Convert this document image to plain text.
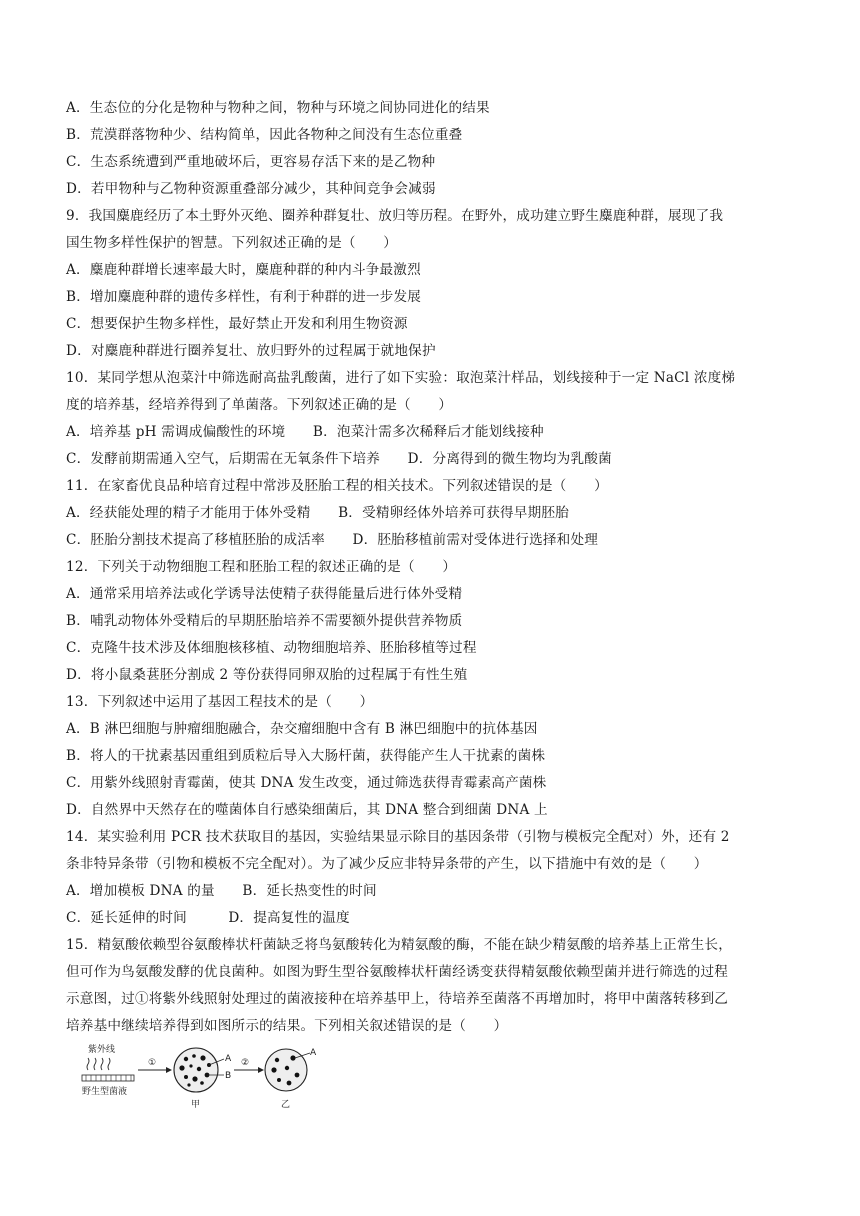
A．生态位的分化是物种与物种之间，物种与环境之间协同进化的结果
B．荒漠群落物种少、结构简单，因此各物种之间没有生态位重叠
C．生态系统遭到严重地破坏后，更容易存活下来的是乙物种
D．若甲物种与乙物种资源重叠部分减少，其种间竞争会减弱
9．我国麋鹿经历了本土野外灭绝、圈养种群复壮、放归等历程。在野外，成功建立野生麋鹿种群，展现了我
国生物多样性保护的智慧。下列叙述正确的是（　　）
A．麋鹿种群增长速率最大时，麋鹿种群的种内斗争最激烈
B．增加麋鹿种群的遗传多样性，有利于种群的进一步发展
C．想要保护生物多样性，最好禁止开发和利用生物资源
D．对麋鹿种群进行圈养复壮、放归野外的过程属于就地保护
10．某同学想从泡菜汁中筛选耐高盐乳酸菌，进行了如下实验：取泡菜汁样品，划线接种于一定 NaCl 浓度梯
度的培养基，经培养得到了单菌落。下列叙述正确的是（　　）
A．培养基 pH 需调成偏酸性的环境　　B．泡菜汁需多次稀释后才能划线接种
C．发酵前期需通入空气，后期需在无氧条件下培养　　D．分离得到的微生物均为乳酸菌
11．在家畜优良品种培育过程中常涉及胚胎工程的相关技术。下列叙述错误的是（　　）
A．经获能处理的精子才能用于体外受精　　B．受精卵经体外培养可获得早期胚胎
C．胚胎分割技术提高了移植胚胎的成活率　　D．胚胎移植前需对受体进行选择和处理
12．下列关于动物细胞工程和胚胎工程的叙述正确的是（　　）
A．通常采用培养法或化学诱导法使精子获得能量后进行体外受精
B．哺乳动物体外受精后的早期胚胎培养不需要额外提供营养物质
C．克隆牛技术涉及体细胞核移植、动物细胞培养、胚胎移植等过程
D．将小鼠桑葚胚分割成 2 等份获得同卵双胎的过程属于有性生殖
13．下列叙述中运用了基因工程技术的是（　　）
A．B 淋巴细胞与肿瘤细胞融合，杂交瘤细胞中含有 B 淋巴细胞中的抗体基因
B．将人的干扰素基因重组到质粒后导入大肠杆菌，获得能产生人干扰素的菌株
C．用紫外线照射青霉菌，使其 DNA 发生改变，通过筛选获得青霉素高产菌株
D．自然界中天然存在的噬菌体自行感染细菌后，其 DNA 整合到细菌 DNA 上
14．某实验利用 PCR 技术获取目的基因，实验结果显示除目的基因条带（引物与模板完全配对）外，还有 2
条非特异条带（引物和模板不完全配对）。为了减少反应非特异条带的产生，以下措施中有效的是（　　）
A．增加模板 DNA 的量　　B．延长热变性的时间
C．延长延伸的时间　　　D．提高复性的温度
15．精氨酸依赖型谷氨酸棒状杆菌缺乏将鸟氨酸转化为精氨酸的酶，不能在缺少精氨酸的培养基上正常生长，
但可作为鸟氨酸发酵的优良菌种。如图为野生型谷氨酸棒状杆菌经诱变获得精氨酸依赖型菌并进行筛选的过程
示意图，过①将紫外线照射处理过的菌液接种在培养基甲上，待培养至菌落不再增加时，将甲中菌落转移到乙
培养基中继续培养得到如图所示的结果。下列相关叙述错误的是（　　）
紫外线
野生型菌液
①	A
B
甲
②
A
乙
